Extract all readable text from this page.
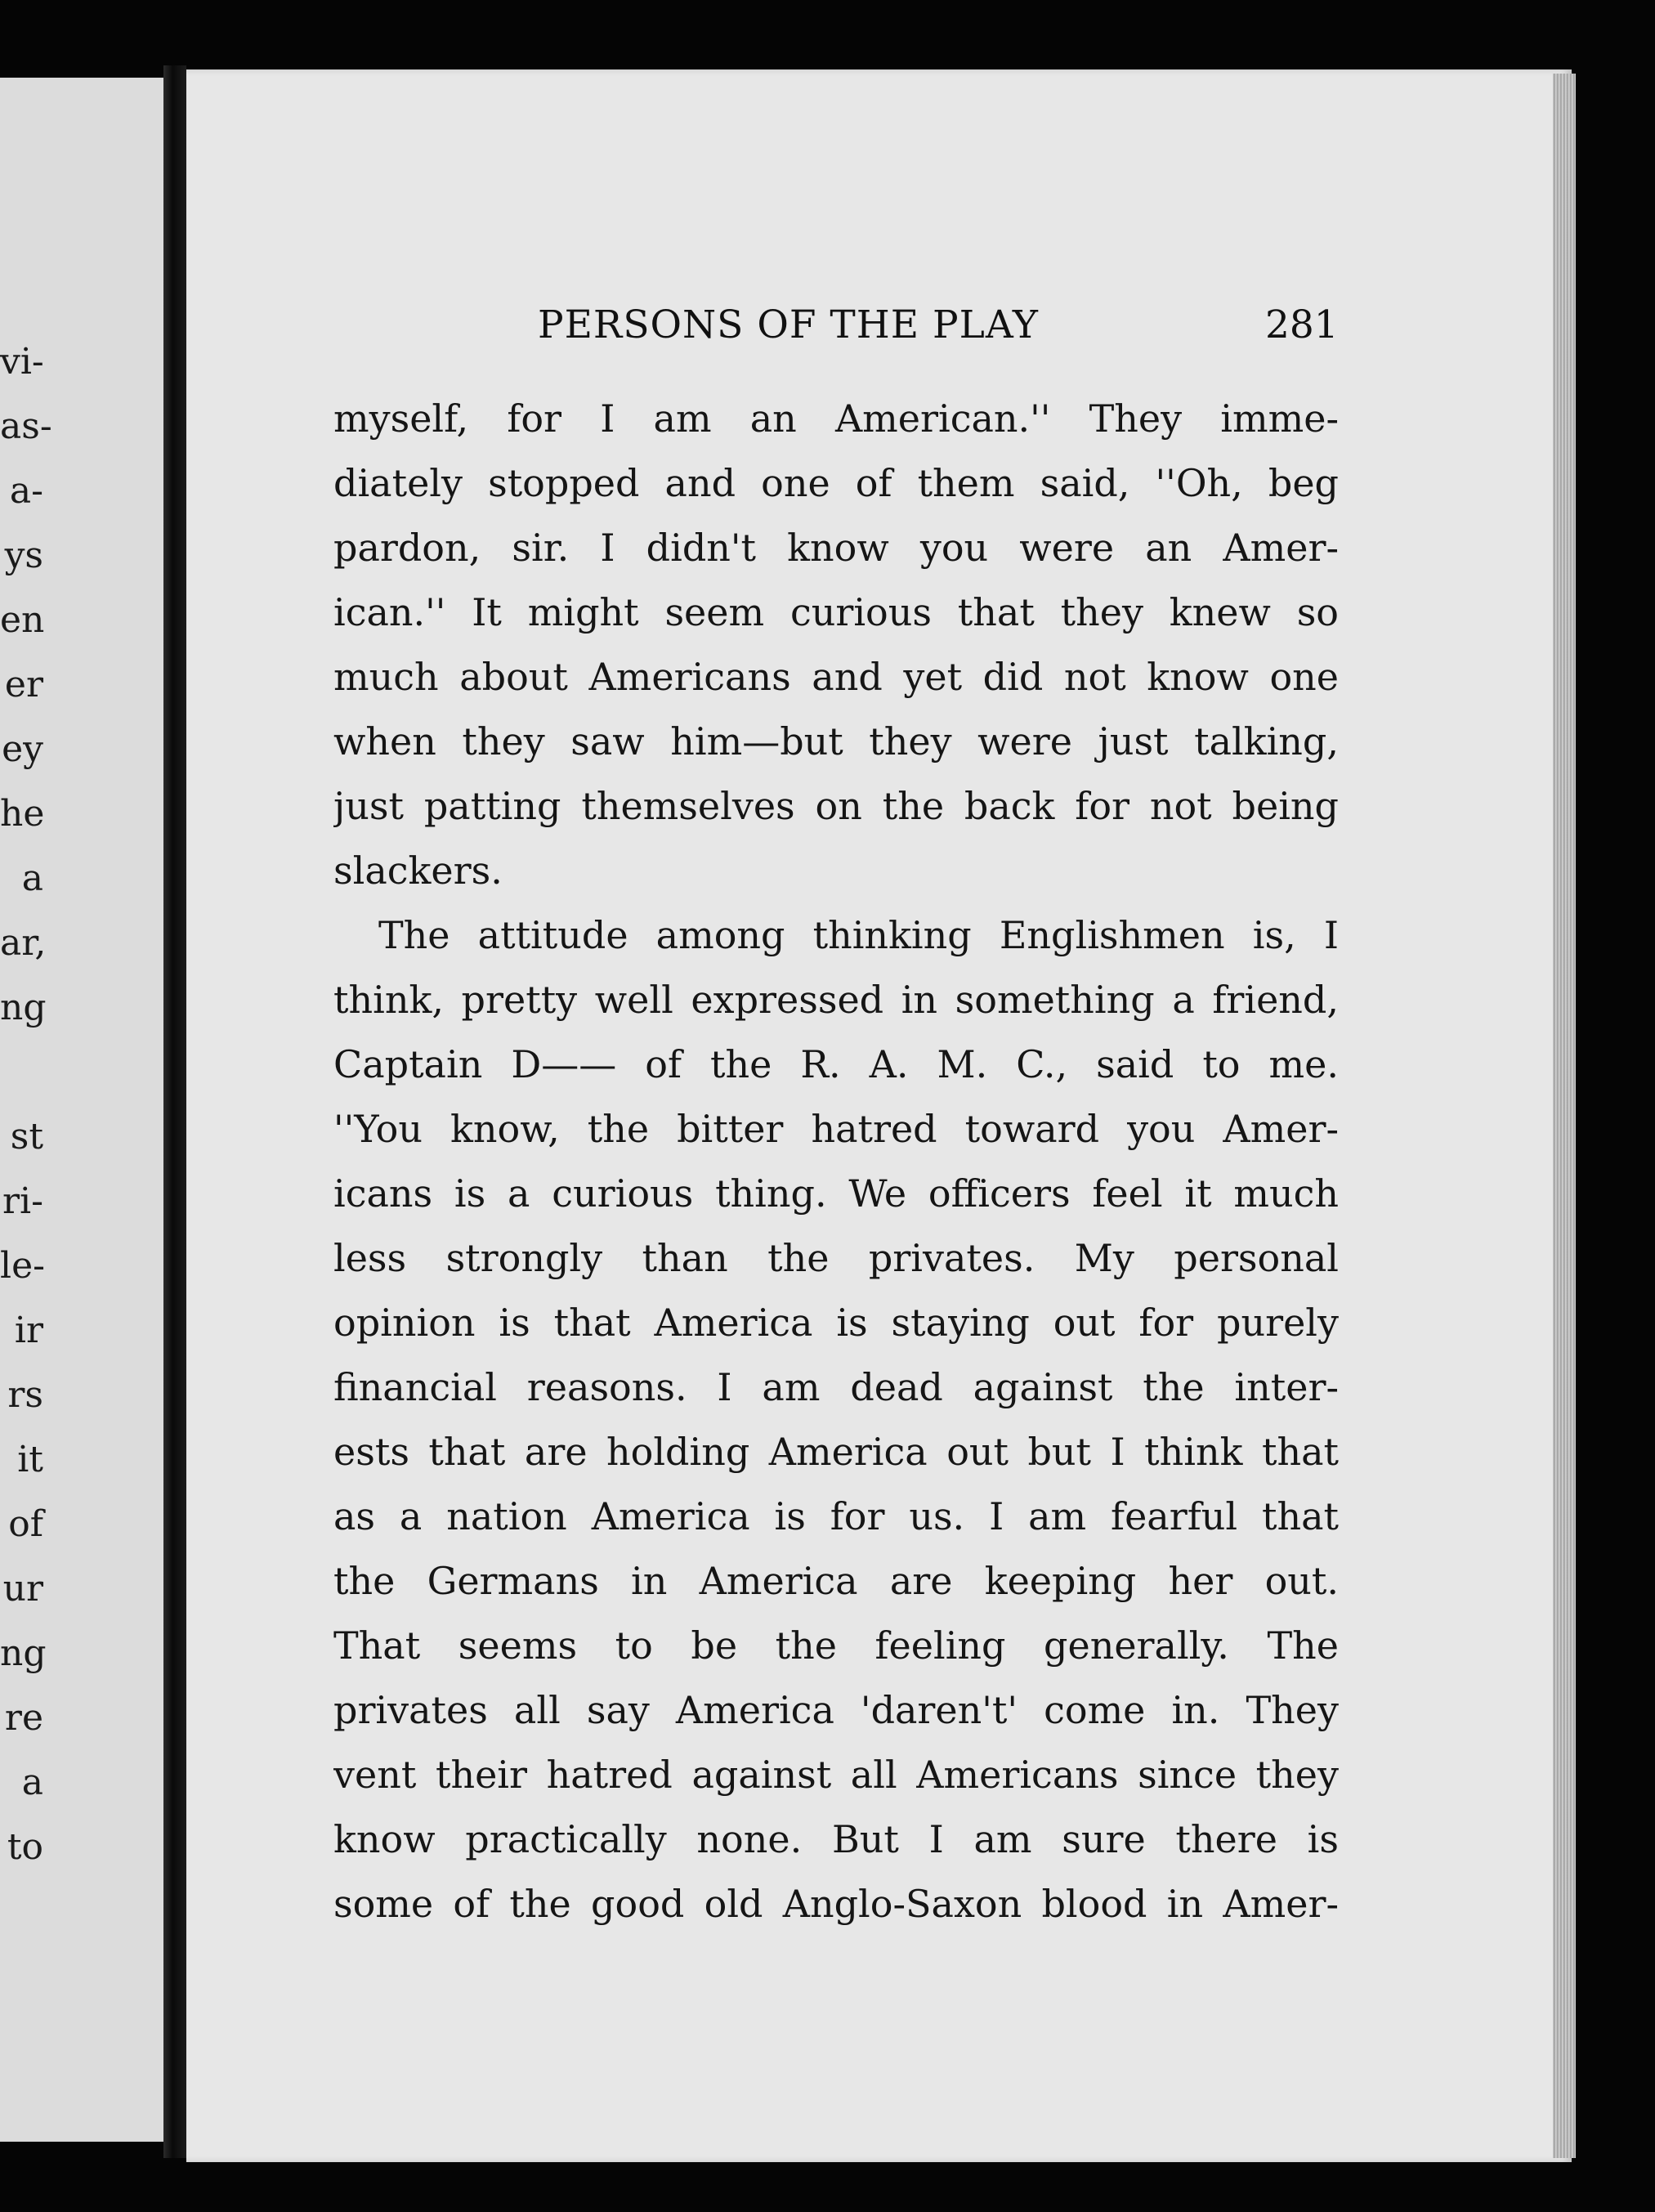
vi-
as-
a-
ys
en
er
ey
he
a
ar,
ng
st
ri-
le-
ir
rs
it
of
ur
ng
re
a
to
PERSONS OF THE PLAY	281
myself, for I am an American.'' They imme-
diately stopped and one of them said, ''Oh, beg
pardon, sir. I didn't know you were an Amer-
ican.'' It might seem curious that they knew so
much about Americans and yet did not know one
when they saw him—but they were just talking,
just patting themselves on the back for not being
slackers.
The attitude among thinking Englishmen is, I
think, pretty well expressed in something a friend,
Captain D—— of the R. A. M. C., said to me.
''You know, the bitter hatred toward you Amer-
icans is a curious thing. We officers feel it much
less strongly than the privates. My personal
opinion is that America is staying out for purely
financial reasons. I am dead against the inter-
ests that are holding America out but I think that
as a nation America is for us. I am fearful that
the Germans in America are keeping her out.
That seems to be the feeling generally. The
privates all say America 'daren't' come in. They
vent their hatred against all Americans since they
know practically none. But I am sure there is
some of the good old Anglo-Saxon blood in Amer-
